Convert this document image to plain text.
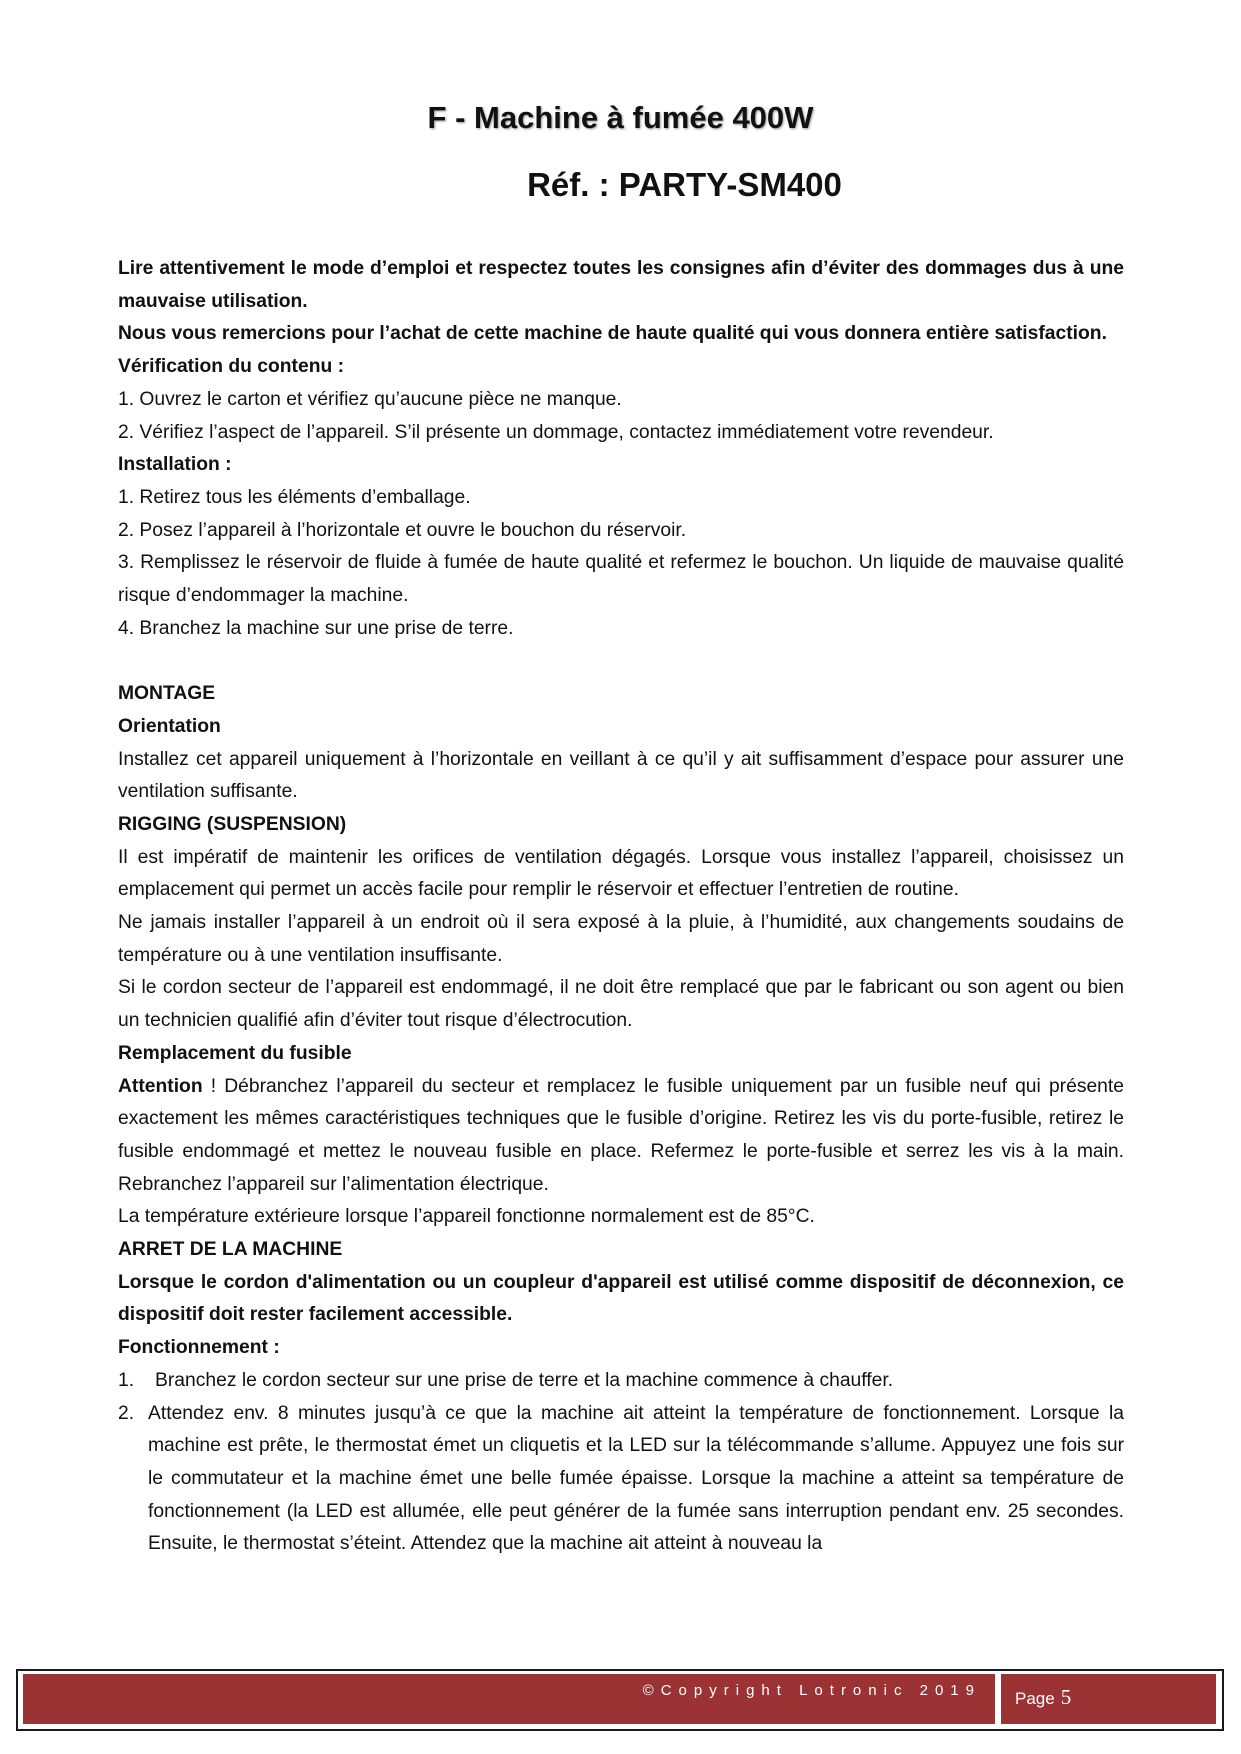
F - Machine à fumée 400W
Réf. : PARTY-SM400

Lire attentivement le mode d’emploi et respectez toutes les consignes afin d’éviter des dommages dus à une mauvaise utilisation.

Nous vous remercions pour l’achat de cette machine de haute qualité qui vous donnera entière satisfaction.

Vérification du contenu :

1. Ouvrez le carton et vérifiez qu’aucune pièce ne manque.

2. Vérifiez l’aspect de l’appareil. S’il présente un dommage, contactez immédiatement votre revendeur.

Installation :

1. Retirez tous les éléments d’emballage.

2. Posez l’appareil à l’horizontale et ouvre le bouchon du réservoir.

3. Remplissez le réservoir de fluide à fumée de haute qualité et refermez le bouchon. Un liquide de mauvaise qualité risque d’endommager la machine.

4. Branchez la machine sur une prise de terre.

MONTAGE

Orientation

Installez cet appareil uniquement à l’horizontale en veillant à ce qu’il y ait suffisamment d’espace pour assurer une ventilation suffisante.

RIGGING (SUSPENSION)

Il est impératif de maintenir les orifices de ventilation dégagés. Lorsque vous installez l’appareil, choisissez un emplacement qui permet un accès facile pour remplir le réservoir et effectuer l’entretien de routine.

Ne jamais installer l’appareil à un endroit où il sera exposé à la pluie, à l’humidité, aux changements soudains de température ou à une ventilation insuffisante.

Si le cordon secteur de l’appareil est endommagé, il ne doit être remplacé que par le fabricant ou son agent ou bien un technicien qualifié afin d’éviter tout risque d’électrocution.

Remplacement du fusible

Attention ! Débranchez l’appareil du secteur et remplacez le fusible uniquement par un fusible neuf qui présente exactement les mêmes caractéristiques techniques que le fusible d’origine. Retirez les vis du porte-fusible, retirez le fusible endommagé et mettez le nouveau fusible en place. Refermez le porte-fusible et serrez les vis à la main. Rebranchez l’appareil sur l’alimentation électrique.

La température extérieure lorsque l’appareil fonctionne normalement est de 85°C.

ARRET DE LA MACHINE

Lorsque le cordon d'alimentation ou un coupleur d'appareil est utilisé comme dispositif de déconnexion, ce dispositif doit rester facilement accessible.

Fonctionnement :

1. Branchez le cordon secteur sur une prise de terre et la machine commence à chauffer.
2. Attendez env. 8 minutes jusqu’à ce que la machine ait atteint la température de fonctionnement. Lorsque la machine est prête, le thermostat émet un cliquetis et la LED sur la télécommande s’allume. Appuyez une fois sur le commutateur et la machine émet une belle fumée épaisse. Lorsque la machine a atteint sa température de fonctionnement (la LED est allumée, elle peut générer de la fumée sans interruption pendant env. 25 secondes. Ensuite, le thermostat s’éteint. Attendez que la machine ait atteint à nouveau la
©Copyright Lotronic 2019	Page 5
